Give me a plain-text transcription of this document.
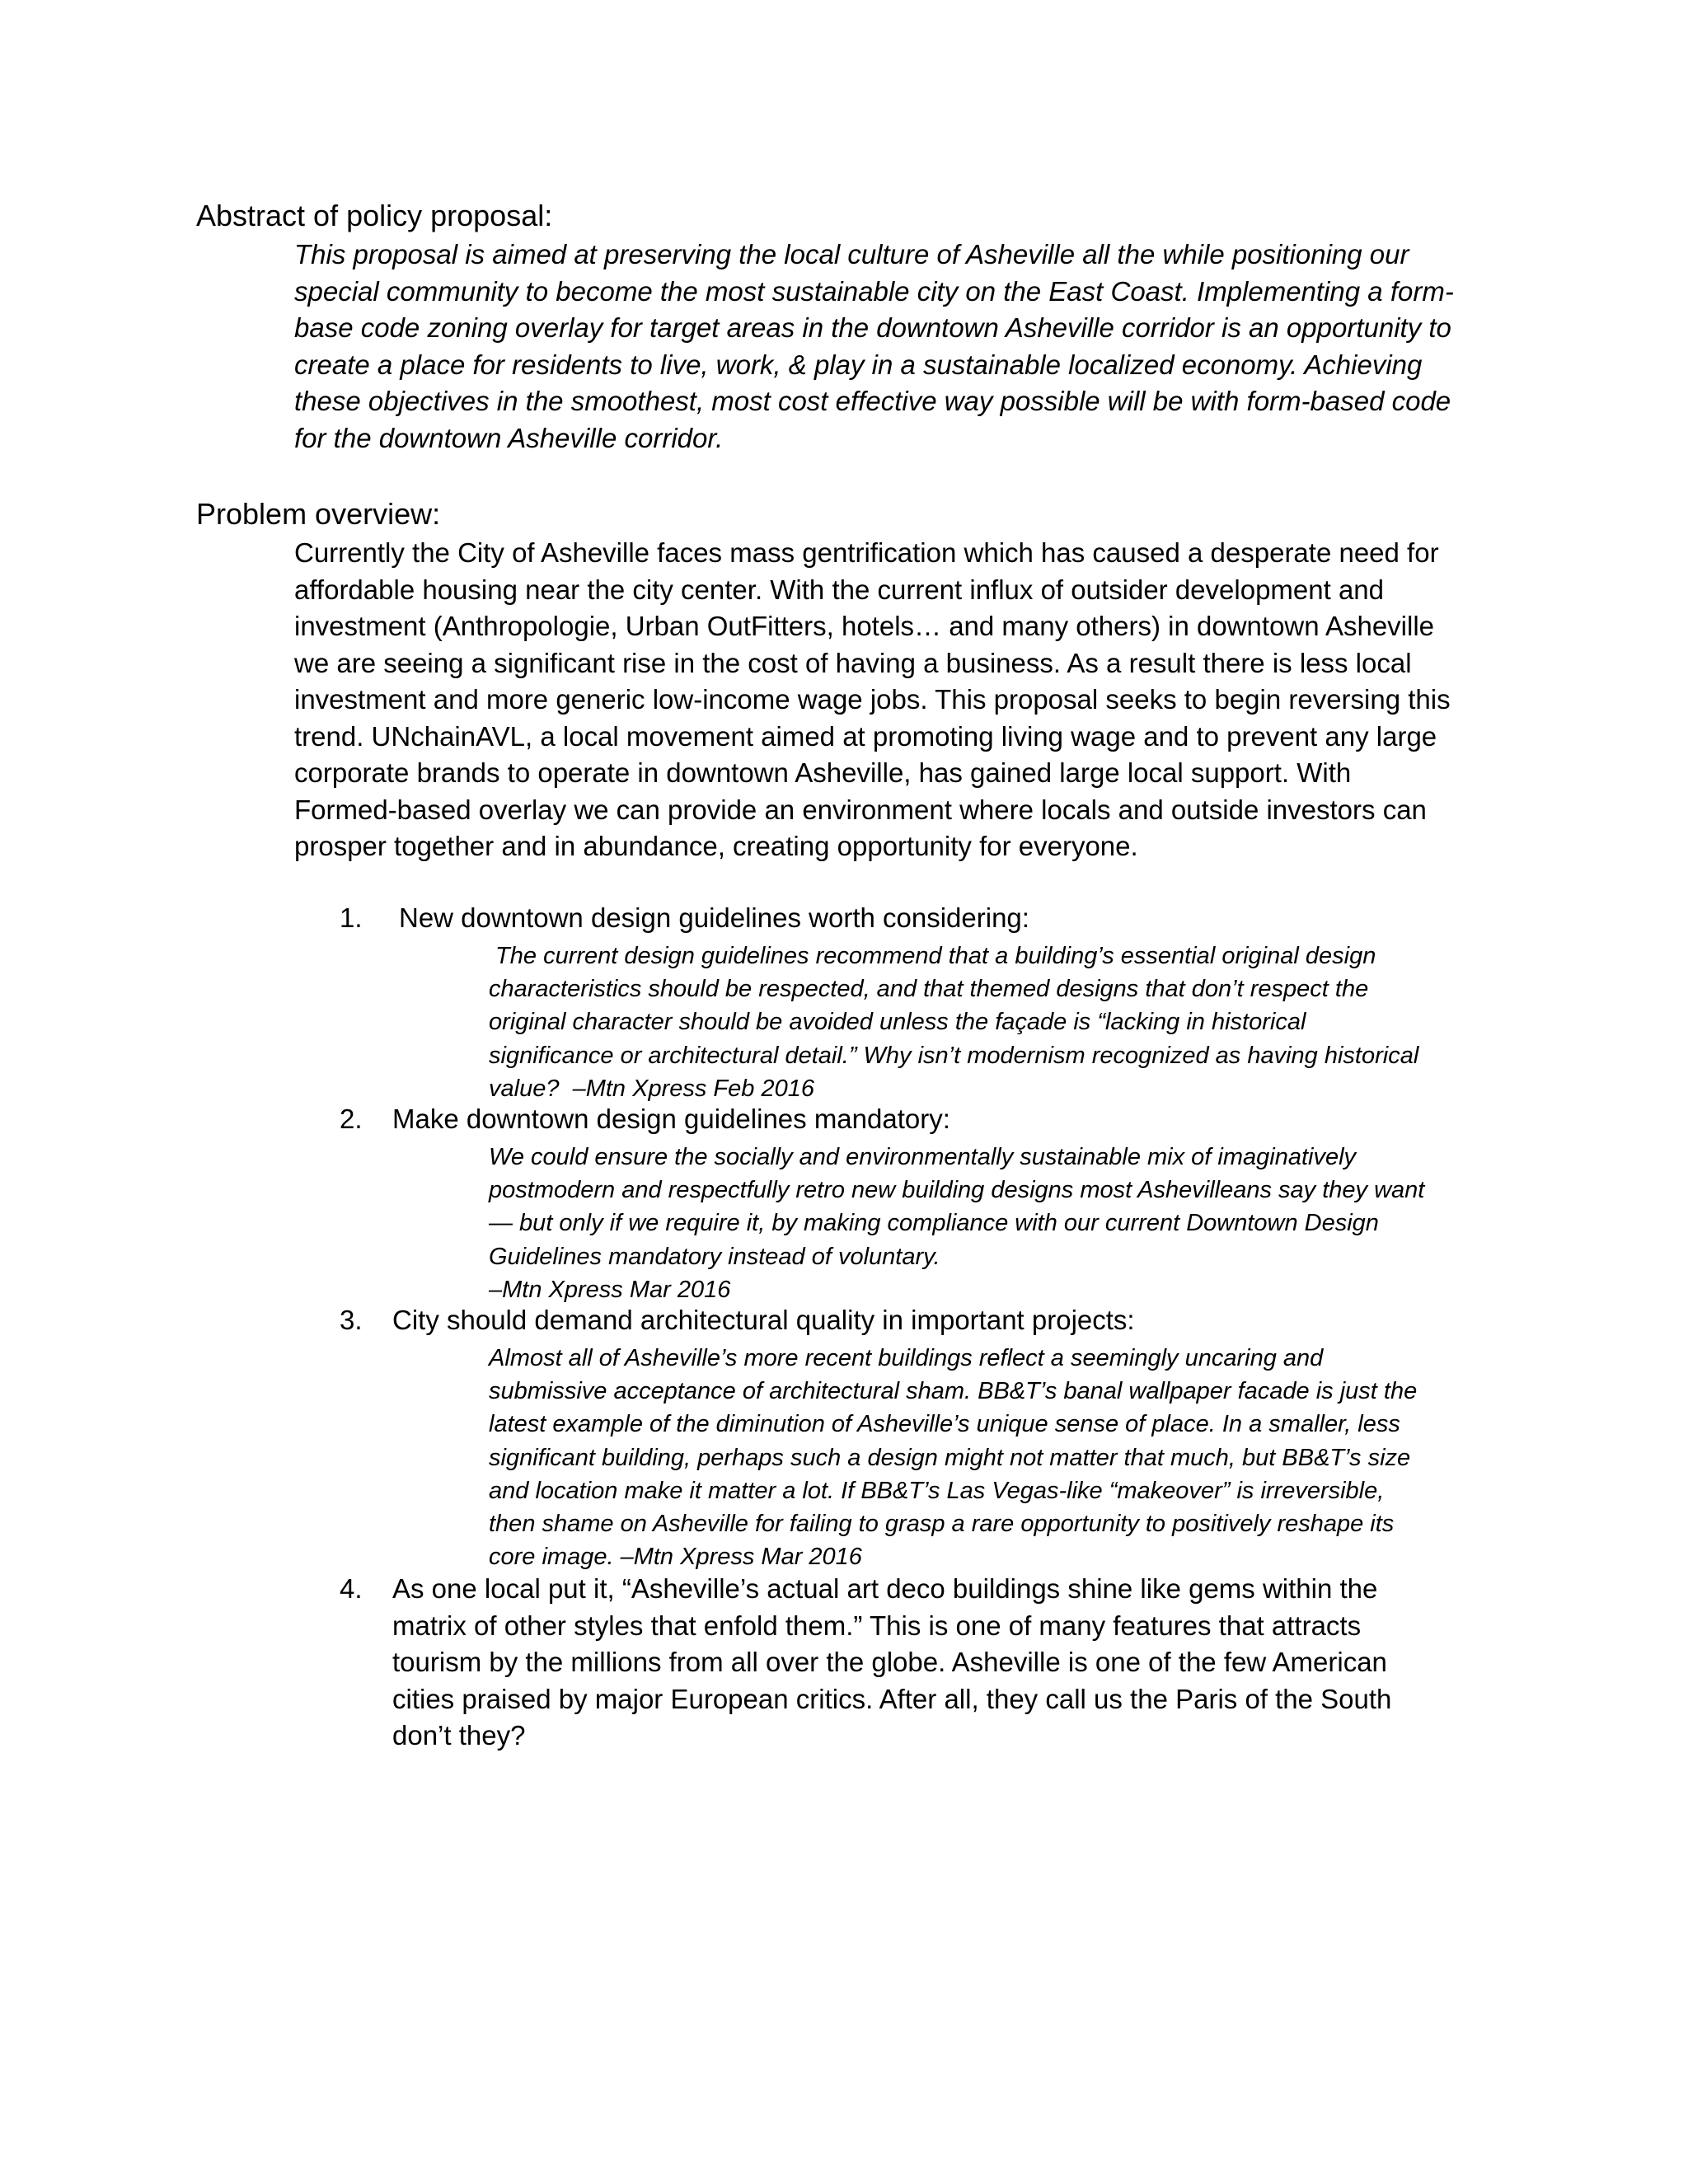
Abstract of policy proposal:

This proposal is aimed at preserving the local culture of Asheville all the while positioning our
special community to become the most sustainable city on the East Coast. Implementing a form-
base code zoning overlay for target areas in the downtown Asheville corridor is an opportunity to
create a place for residents to live, work, & play in a sustainable localized economy. Achieving
these objectives in the smoothest, most cost effective way possible will be with form-based code
for the downtown Asheville corridor.

Problem overview:

Currently the City of Asheville faces mass gentrification which has caused a desperate need for
affordable housing near the city center. With the current influx of outsider development and
investment (Anthropologie, Urban OutFitters, hotels… and many others) in downtown Asheville
we are seeing a significant rise in the cost of having a business. As a result there is less local
investment and more generic low-income wage jobs. This proposal seeks to begin reversing this
trend. UNchainAVL, a local movement aimed at promoting living wage and to prevent any large
corporate brands to operate in downtown Asheville, has gained large local support. With
Formed-based overlay we can provide an environment where locals and outside investors can
prosper together and in abundance, creating opportunity for everyone.

1. New downtown design guidelines worth considering:

The current design guidelines recommend that a building’s essential original design
characteristics should be respected, and that themed designs that don’t respect the
original character should be avoided unless the façade is “lacking in historical
significance or architectural detail.” Why isn’t modernism recognized as having historical
value?  –Mtn Xpress Feb 2016

2. Make downtown design guidelines mandatory:

We could ensure the socially and environmentally sustainable mix of imaginatively
postmodern and respectfully retro new building designs most Ashevilleans say they want
— but only if we require it, by making compliance with our current Downtown Design
Guidelines mandatory instead of voluntary.
–Mtn Xpress Mar 2016

3. City should demand architectural quality in important projects:

Almost all of Asheville’s more recent buildings reflect a seemingly uncaring and
submissive acceptance of architectural sham. BB&T’s banal wallpaper facade is just the
latest example of the diminution of Asheville’s unique sense of place. In a smaller, less
significant building, perhaps such a design might not matter that much, but BB&T’s size
and location make it matter a lot. If BB&T’s Las Vegas-like “makeover” is irreversible,
then shame on Asheville for failing to grasp a rare opportunity to positively reshape its
core image. –Mtn Xpress Mar 2016

4. As one local put it, “Asheville’s actual art deco buildings shine like gems within the
matrix of other styles that enfold them.” This is one of many features that attracts
tourism by the millions from all over the globe. Asheville is one of the few American
cities praised by major European critics. After all, they call us the Paris of the South
don’t they?
